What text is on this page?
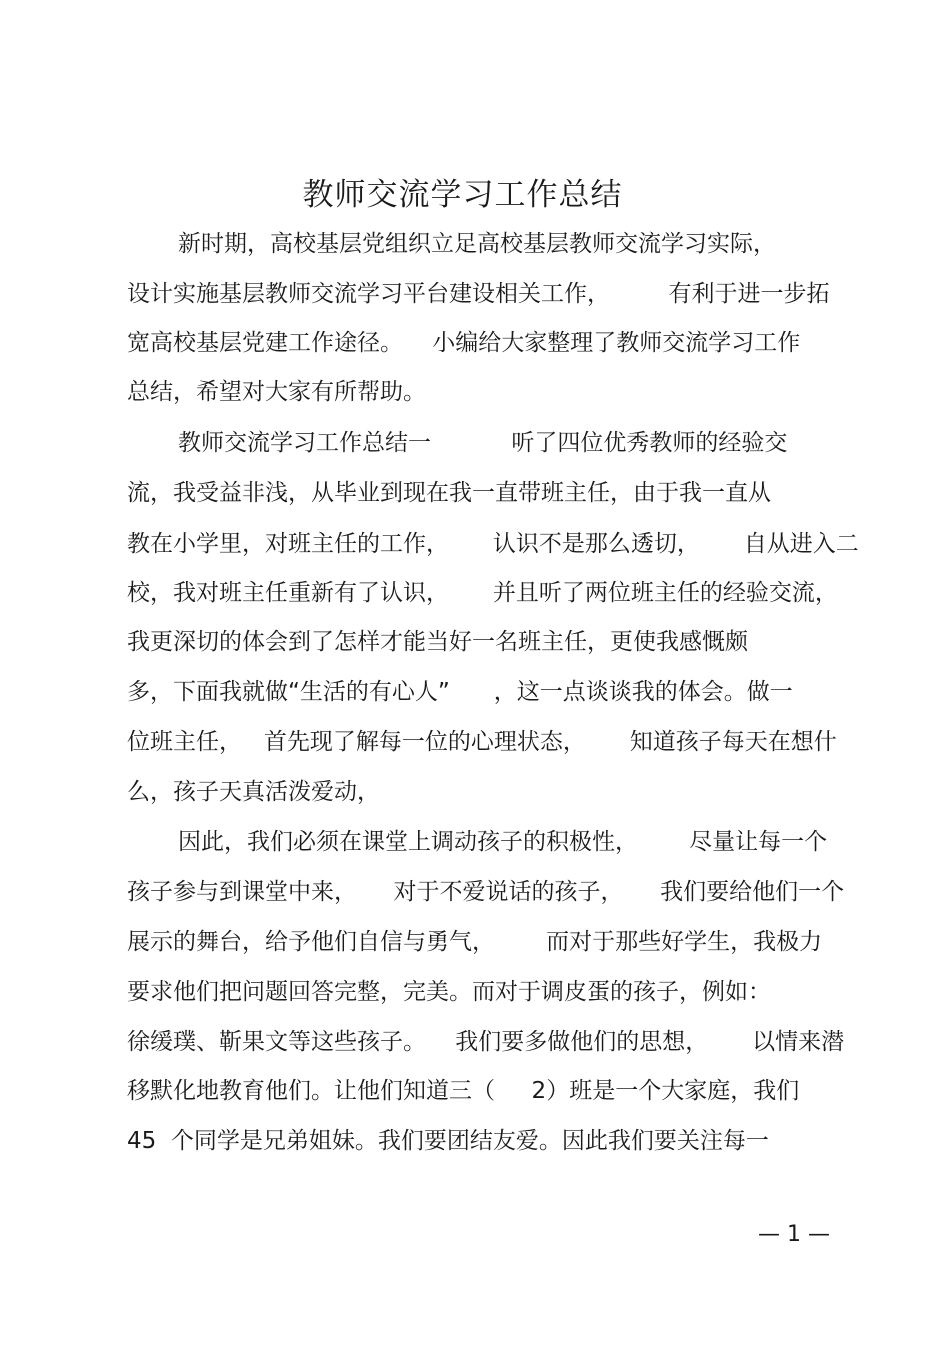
教师交流学习工作总结

新时期，高校基层党组织立足高校基层教师交流学习实际，

设计实施基层教师交流学习平台建设相关工作，        有利于进一步拓

宽高校基层党建工作途径。    小编给大家整理了教师交流学习工作

总结，希望对大家有所帮助。

教师交流学习工作总结一           听了四位优秀教师的经验交

流，我受益非浅，从毕业到现在我一直带班主任，由于我一直从

教在小学里，对班主任的工作，      认识不是那么透切，      自从进入二

校，我对班主任重新有了认识，      并且听了两位班主任的经验交流，

我更深切的体会到了怎样才能当好一名班主任，更使我感慨颇

多，下面我就做“生活的有心人”      ，这一点谈谈我的体会。做一

位班主任，   首先现了解每一位的心理状态，      知道孩子每天在想什

么，孩子天真活泼爱动，

因此，我们必须在课堂上调动孩子的积极性，       尽量让每一个

孩子参与到课堂中来，     对于不爱说话的孩子，     我们要给他们一个

展示的舞台，给予他们自信与勇气，       而对于那些好学生，我极力

要求他们把问题回答完整，完美。而对于调皮蛋的孩子，例如：

徐缓璞、靳果文等这些孩子。    我们要多做他们的思想，      以情来潜

移默化地教育他们。让他们知道三（     2）班是一个大家庭，我们

45  个同学是兄弟姐妹。我们要团结友爱。因此我们要关注每一

— 1 —
